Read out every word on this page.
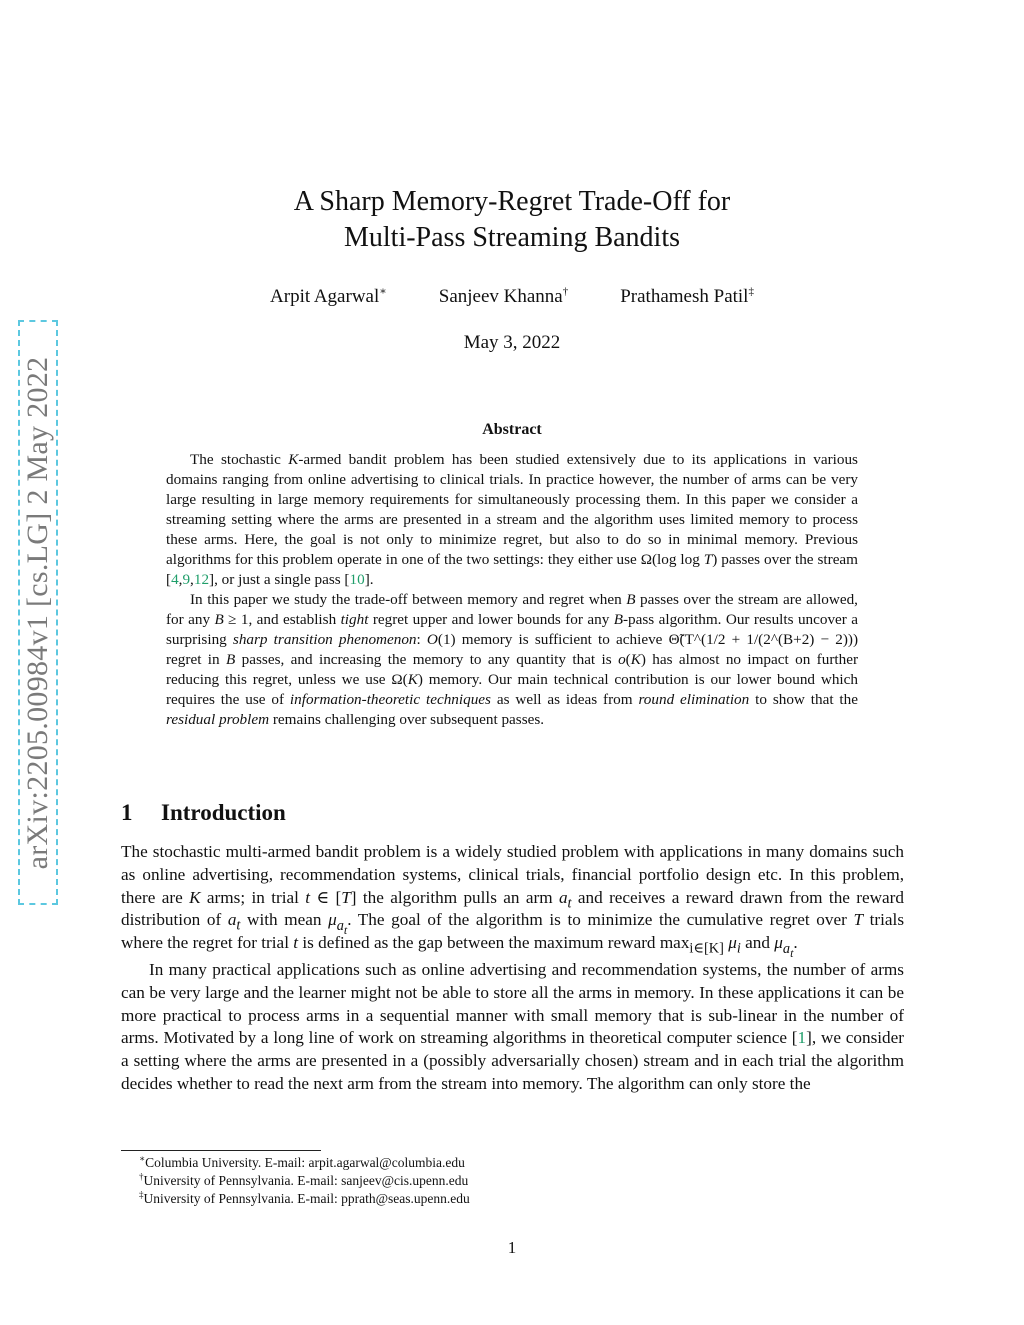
arXiv:2205.00984v1 [cs.LG] 2 May 2022
A Sharp Memory-Regret Trade-Off for
Multi-Pass Streaming Bandits
Arpit Agarwal∗	Sanjeev Khanna†	Prathamesh Patil‡
May 3, 2022
Abstract

The stochastic K-armed bandit problem has been studied extensively due to its applications in various domains ranging from online advertising to clinical trials. In practice however, the number of arms can be very large resulting in large memory requirements for simultaneously processing them. In this paper we consider a streaming setting where the arms are presented in a stream and the algorithm uses limited memory to process these arms. Here, the goal is not only to minimize regret, but also to do so in minimal memory. Previous algorithms for this problem operate in one of the two settings: they either use Ω(log log T) passes over the stream [4,9,12], or just a single pass [10].

In this paper we study the trade-off between memory and regret when B passes over the stream are allowed, for any B ≥ 1, and establish tight regret upper and lower bounds for any B-pass algorithm. Our results uncover a surprising sharp transition phenomenon: O(1) memory is sufficient to achieve Θ̃(T^(1/2 + 1/(2^(B+2) − 2))) regret in B passes, and increasing the memory to any quantity that is o(K) has almost no impact on further reducing this regret, unless we use Ω(K) memory. Our main technical contribution is our lower bound which requires the use of information-theoretic techniques as well as ideas from round elimination to show that the residual problem remains challenging over subsequent passes.

1 Introduction

The stochastic multi-armed bandit problem is a widely studied problem with applications in many domains such as online advertising, recommendation systems, clinical trials, financial portfolio design etc. In this problem, there are K arms; in trial t ∈ [T] the algorithm pulls an arm $a_t$ and receives a reward drawn from the reward distribution of $a_t$ with mean $\mu_{a_t}$. The goal of the algorithm is to minimize the cumulative regret over T trials where the regret for trial t is defined as the gap between the maximum reward $\max_{i\in[K]} \mu_i$ and $\mu_{a_t}$.

In many practical applications such as online advertising and recommendation systems, the number of arms can be very large and the learner might not be able to store all the arms in memory. In these applications it can be more practical to process arms in a sequential manner with small memory that is sub-linear in the number of arms. Motivated by a long line of work on streaming algorithms in theoretical computer science [1], we consider a setting where the arms are presented in a (possibly adversarially chosen) stream and in each trial the algorithm decides whether to read the next arm from the stream into memory. The algorithm can only store the

∗Columbia University. E-mail: arpit.agarwal@columbia.edu
†University of Pennsylvania. E-mail: sanjeev@cis.upenn.edu
‡University of Pennsylvania. E-mail: pprath@seas.upenn.edu
1
